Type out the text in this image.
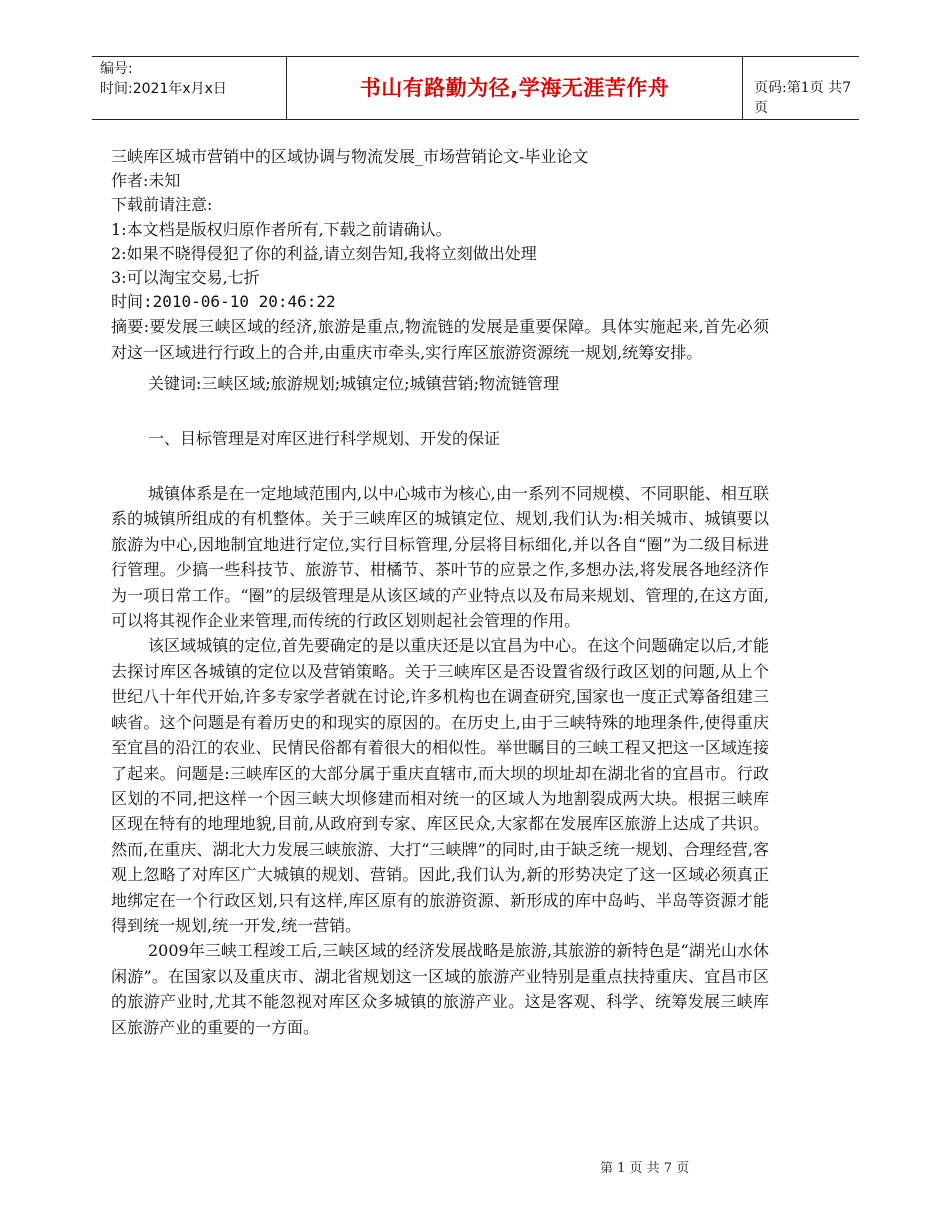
编号:
时间:2021年x月x日	书山有路勤为径,学海无涯苦作舟	页码:第1页 共7页

三峡库区城市营销中的区域协调与物流发展_市场营销论文-毕业论文

作者:未知

下载前请注意:

1:本文档是版权归原作者所有,下载之前请确认。

2:如果不晓得侵犯了你的利益,请立刻告知,我将立刻做出处理

3:可以淘宝交易,七折

时间:2010-06-10 20:46:22

摘要:要发展三峡区域的经济,旅游是重点,物流链的发展是重要保障。具体实施起来,首先必须对这一区域进行行政上的合并,由重庆市牵头,实行库区旅游资源统一规划,统筹安排。

关键词:三峡区域;旅游规划;城镇定位;城镇营销;物流链管理

一、目标管理是对库区进行科学规划、开发的保证

城镇体系是在一定地域范围内,以中心城市为核心,由一系列不同规模、不同职能、相互联系的城镇所组成的有机整体。关于三峡库区的城镇定位、规划,我们认为:相关城市、城镇要以旅游为中心,因地制宜地进行定位,实行目标管理,分层将目标细化,并以各自“圈”为二级目标进行管理。少搞一些科技节、旅游节、柑橘节、茶叶节的应景之作,多想办法,将发展各地经济作为一项日常工作。“圈”的层级管理是从该区域的产业特点以及布局来规划、管理的,在这方面,可以将其视作企业来管理,而传统的行政区划则起社会管理的作用。

该区域城镇的定位,首先要确定的是以重庆还是以宜昌为中心。在这个问题确定以后,才能去探讨库区各城镇的定位以及营销策略。关于三峡库区是否设置省级行政区划的问题,从上个世纪八十年代开始,许多专家学者就在讨论,许多机构也在调查研究,国家也一度正式筹备组建三峡省。这个问题是有着历史的和现实的原因的。在历史上,由于三峡特殊的地理条件,使得重庆至宜昌的沿江的农业、民情民俗都有着很大的相似性。举世瞩目的三峡工程又把这一区域连接了起来。问题是:三峡库区的大部分属于重庆直辖市,而大坝的坝址却在湖北省的宜昌市。行政区划的不同,把这样一个因三峡大坝修建而相对统一的区域人为地割裂成两大块。根据三峡库区现在特有的地理地貌,目前,从政府到专家、库区民众,大家都在发展库区旅游上达成了共识。然而,在重庆、湖北大力发展三峡旅游、大打“三峡牌”的同时,由于缺乏统一规划、合理经营,客观上忽略了对库区广大城镇的规划、营销。因此,我们认为,新的形势决定了这一区域必须真正地绑定在一个行政区划,只有这样,库区原有的旅游资源、新形成的库中岛屿、半岛等资源才能得到统一规划,统一开发,统一营销。

2009年三峡工程竣工后,三峡区域的经济发展战略是旅游,其旅游的新特色是“湖光山水休闲游”。在国家以及重庆市、湖北省规划这一区域的旅游产业特别是重点扶持重庆、宜昌市区的旅游产业时,尤其不能忽视对库区众多城镇的旅游产业。这是客观、科学、统筹发展三峡库区旅游产业的重要的一方面。

第 1 页 共 7 页
